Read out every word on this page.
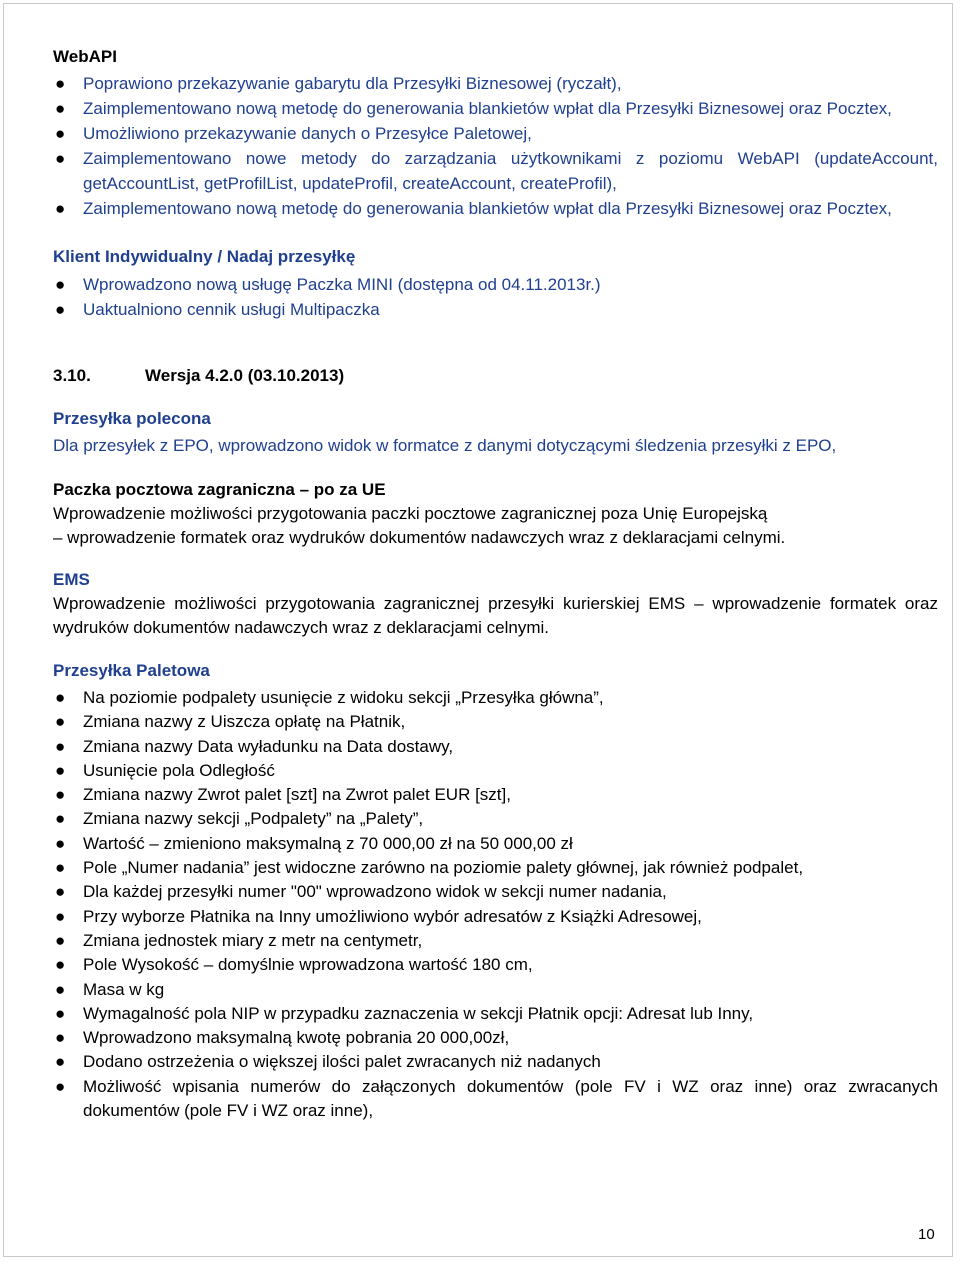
WebAPI

● Poprawiono przekazywanie gabarytu dla Przesyłki Biznesowej (ryczałt),
● Zaimplementowano nową metodę do generowania blankietów wpłat dla Przesyłki Biznesowej oraz Pocztex,
● Umożliwiono przekazywanie danych o Przesyłce Paletowej,
● Zaimplementowano nowe metody do zarządzania użytkownikami z poziomu WebAPI (updateAccount, getAccountList, getProfilList, updateProfil, createAccount, createProfil),
● Zaimplementowano nową metodę do generowania blankietów wpłat dla Przesyłki Biznesowej oraz Pocztex,

Klient Indywidualny / Nadaj przesyłkę

● Wprowadzono nową usługę Paczka MINI (dostępna od 04.11.2013r.)
● Uaktualniono cennik usługi Multipaczka

3.10.	Wersja 4.2.0 (03.10.2013)

Przesyłka polecona

Dla przesyłek z EPO, wprowadzono widok w formatce z danymi dotyczącymi śledzenia przesyłki z EPO,

Paczka pocztowa zagraniczna – po za UE

Wprowadzenie możliwości przygotowania paczki pocztowe zagranicznej poza Unię Europejską

– wprowadzenie formatek oraz wydruków dokumentów nadawczych wraz z deklaracjami celnymi.

EMS

Wprowadzenie możliwości przygotowania zagranicznej przesyłki kurierskiej EMS – wprowadzenie formatek oraz wydruków dokumentów nadawczych wraz z deklaracjami celnymi.

Przesyłka Paletowa

● Na poziomie podpalety usunięcie z widoku sekcji „Przesyłka główna”,
● Zmiana nazwy z Uiszcza opłatę na Płatnik,
● Zmiana nazwy Data wyładunku na Data dostawy,
● Usunięcie pola Odległość
● Zmiana nazwy Zwrot palet [szt] na Zwrot palet EUR [szt],
● Zmiana nazwy sekcji „Podpalety” na „Palety”,
● Wartość – zmieniono maksymalną z 70 000,00 zł na 50 000,00 zł
● Pole „Numer nadania” jest widoczne zarówno na poziomie palety głównej, jak również podpalet,
● Dla każdej przesyłki numer "00" wprowadzono widok w sekcji numer nadania,
● Przy wyborze Płatnika na Inny umożliwiono wybór adresatów z Książki Adresowej,
● Zmiana jednostek miary z metr na centymetr,
● Pole Wysokość – domyślnie wprowadzona wartość 180 cm,
● Masa w kg
● Wymagalność pola NIP w przypadku zaznaczenia w sekcji Płatnik opcji: Adresat lub Inny,
● Wprowadzono maksymalną kwotę pobrania 20 000,00zł,
● Dodano ostrzeżenia o większej ilości palet zwracanych niż nadanych
● Możliwość wpisania numerów do załączonych dokumentów (pole FV i WZ oraz inne) oraz zwracanych dokumentów (pole FV i WZ oraz inne),
10
